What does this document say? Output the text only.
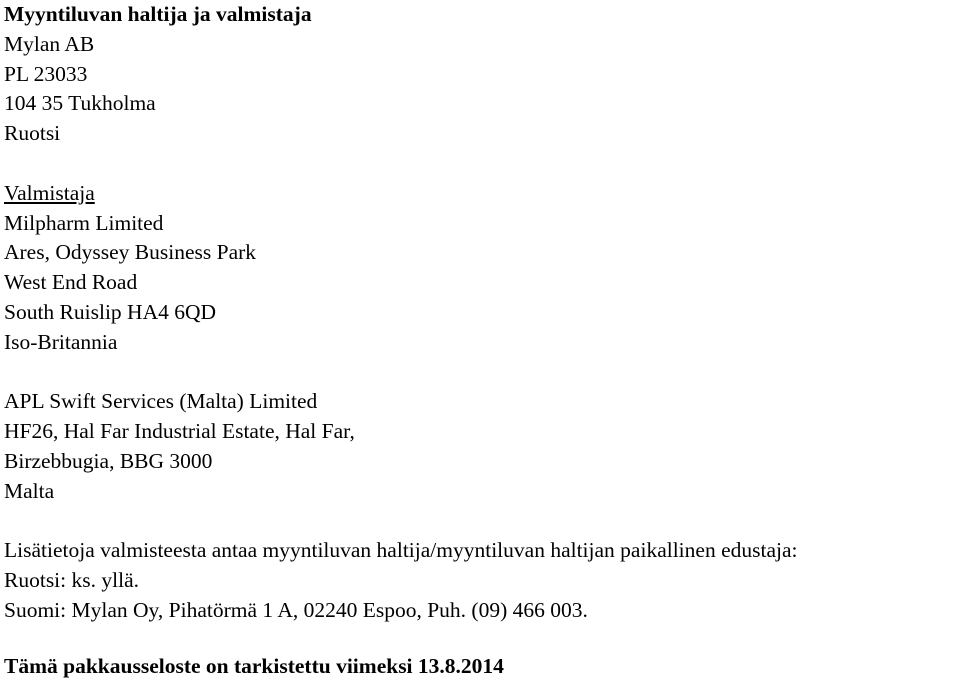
Myyntiluvan haltija ja valmistaja
Mylan AB
PL 23033
104 35 Tukholma
Ruotsi
Valmistaja
Milpharm Limited
Ares, Odyssey Business Park
West End Road
South Ruislip HA4 6QD
Iso-Britannia
APL Swift Services (Malta) Limited
HF26, Hal Far Industrial Estate, Hal Far,
Birzebbugia, BBG 3000
Malta
Lisätietoja valmisteesta antaa myyntiluvan haltija/myyntiluvan haltijan paikallinen edustaja:
Ruotsi: ks. yllä.
Suomi: Mylan Oy, Pihatörmä 1 A, 02240 Espoo, Puh. (09) 466 003.
Tämä pakkausseloste on tarkistettu viimeksi 13.8.2014
